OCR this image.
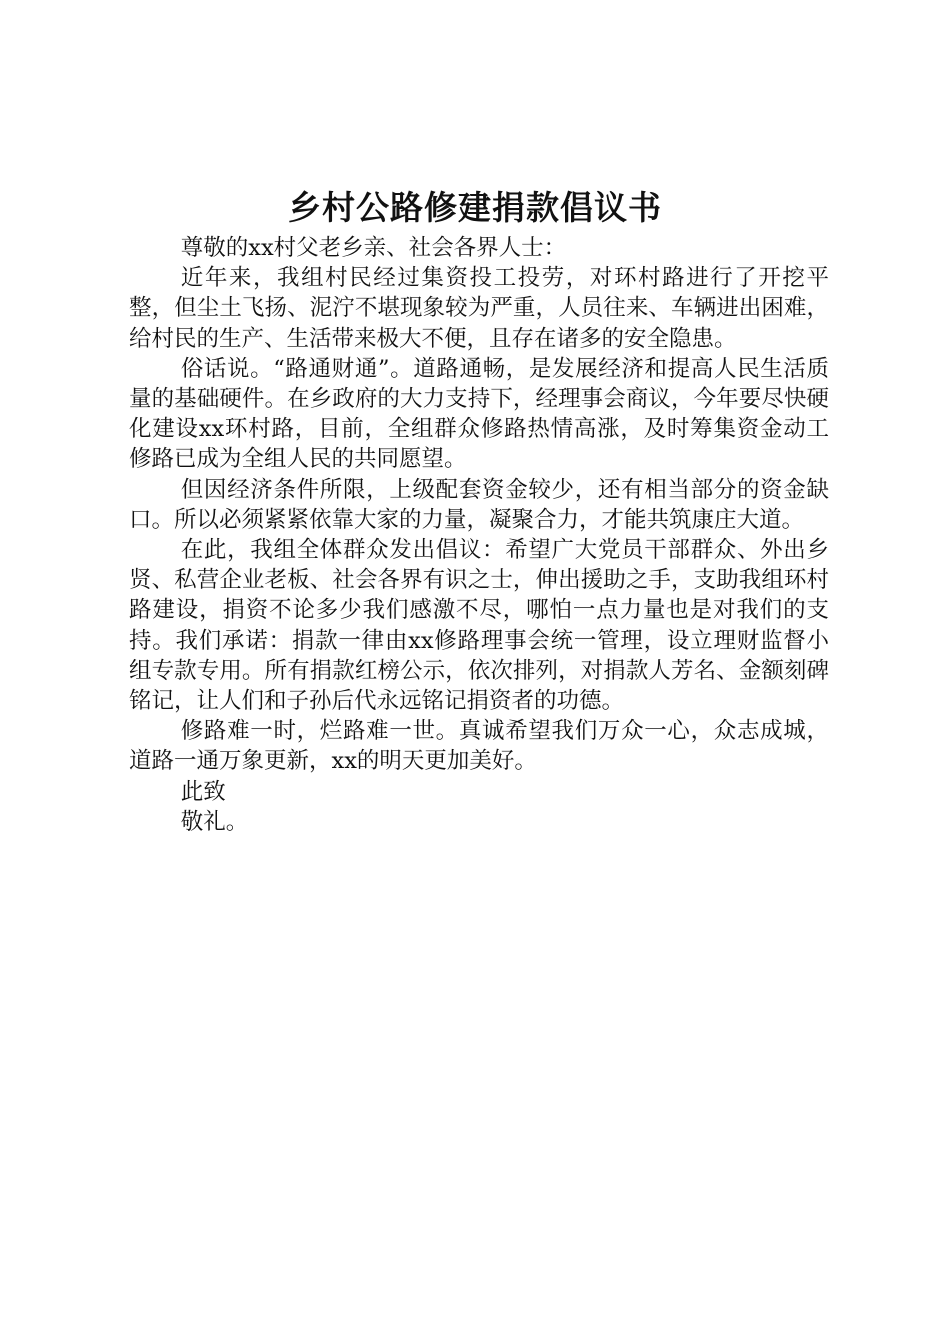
乡村公路修建捐款倡议书

尊敬的xx村父老乡亲、社会各界人士：

近年来，我组村民经过集资投工投劳，对环村路进行了开挖平整，但尘土飞扬、泥泞不堪现象较为严重，人员往来、车辆进出困难，给村民的生产、生活带来极大不便，且存在诸多的安全隐患。

俗话说。“路通财通”。道路通畅，是发展经济和提高人民生活质量的基础硬件。在乡政府的大力支持下，经理事会商议，今年要尽快硬化建设xx环村路，目前，全组群众修路热情高涨，及时筹集资金动工修路已成为全组人民的共同愿望。

但因经济条件所限，上级配套资金较少，还有相当部分的资金缺口。所以必须紧紧依靠大家的力量，凝聚合力，才能共筑康庄大道。

在此，我组全体群众发出倡议：希望广大党员干部群众、外出乡贤、私营企业老板、社会各界有识之士，伸出援助之手，支助我组环村路建设，捐资不论多少我们感激不尽，哪怕一点力量也是对我们的支持。我们承诺：捐款一律由xx修路理事会统一管理，设立理财监督小组专款专用。所有捐款红榜公示，依次排列，对捐款人芳名、金额刻碑铭记，让人们和子孙后代永远铭记捐资者的功德。

修路难一时，烂路难一世。真诚希望我们万众一心，众志成城，道路一通万象更新，xx的明天更加美好。

此致

敬礼。
